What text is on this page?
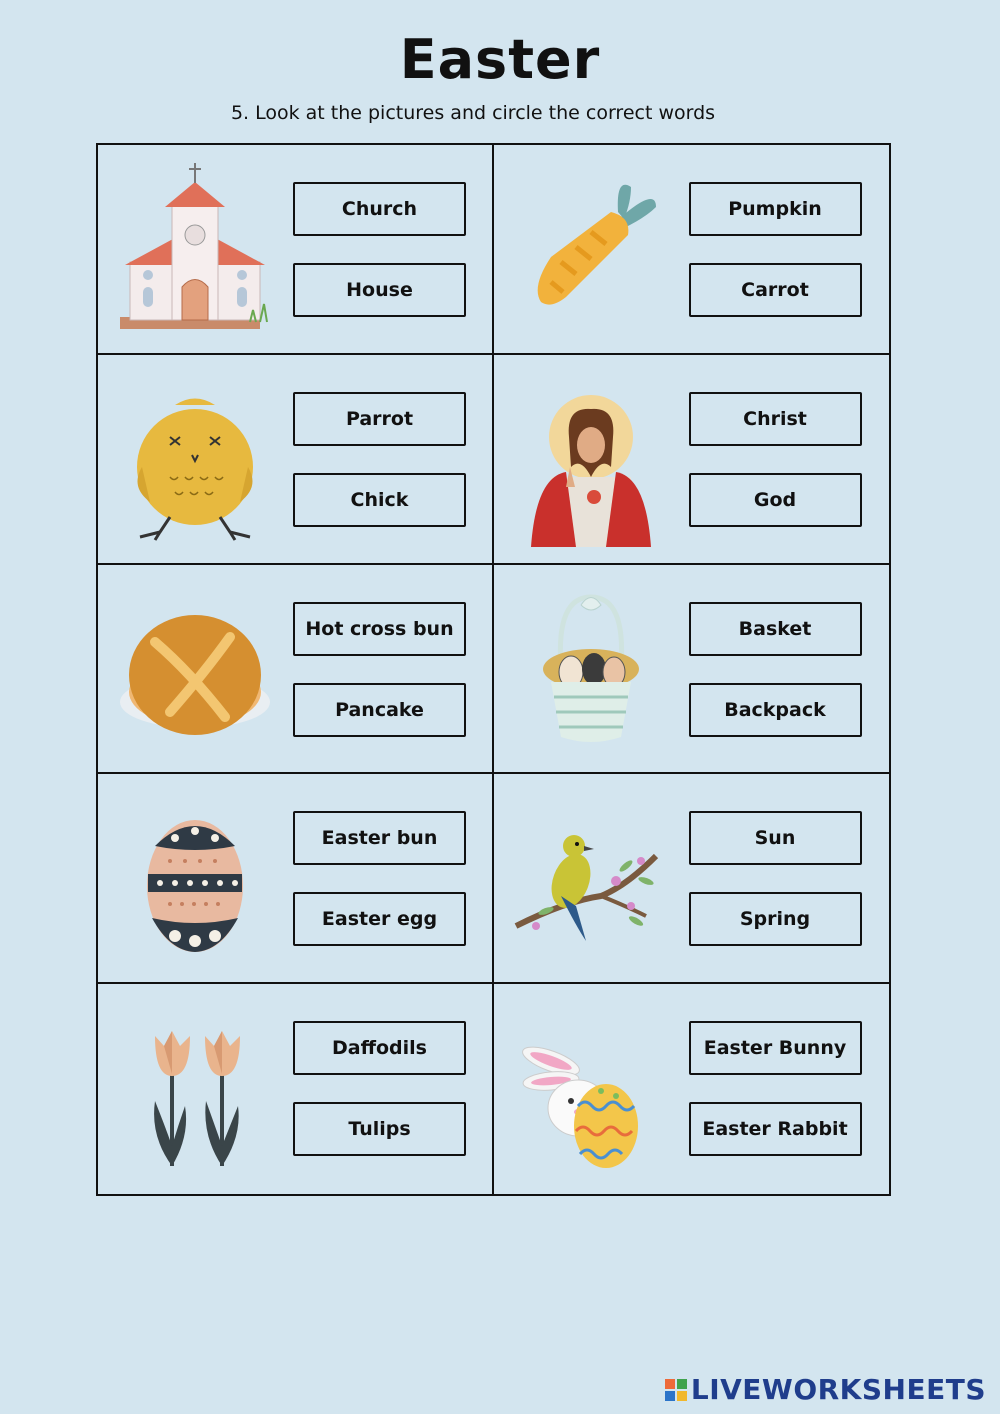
Easter
5. Look at the pictures and circle the correct words
Church
House
Pumpkin
Carrot
Parrot
Chick
Christ
God
Hot cross bun
Pancake
Basket
Backpack
Easter bun
Easter egg
Sun
Spring
Daffodils
Tulips
Easter Bunny
Easter Rabbit
LIVEWORKSHEETS
